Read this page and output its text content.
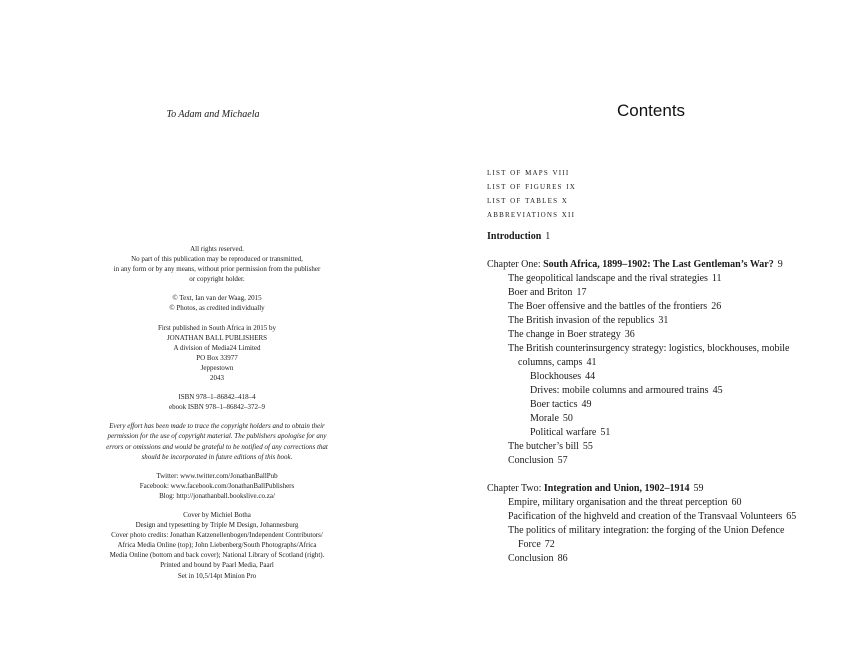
To Adam and Michaela

All rights reserved.
No part of this publication may be reproduced or transmitted,
in any form or by any means, without prior permission from the publisher
or copyright holder.

© Text, Ian van der Waag, 2015
© Photos, as credited individually

First published in South Africa in 2015 by
JONATHAN BALL PUBLISHERS
A division of Media24 Limited
PO Box 33977
Jeppestown
2043

ISBN 978–1–86842–418–4
ebook ISBN 978–1–86842–372–9

Every effort has been made to trace the copyright holders and to obtain their
permission for the use of copyright material. The publishers apologise for any
errors or omissions and would be grateful to be notified of any corrections that
should be incorporated in future editions of this book.

Twitter: www.twitter.com/JonathanBallPub
Facebook: www.facebook.com/JonathanBallPublishers
Blog: http://jonathanball.bookslive.co.za/

Cover by Michiel Botha
Design and typesetting by Triple M Design, Johannesburg
Cover photo credits: Jonathan Katzenellenbogen/Independent Contributors/
Africa Media Online (top); John Liebenberg/South Photographs/Africa
Media Online (bottom and back cover); National Library of Scotland (right).
Printed and bound by Paarl Media, Paarl
Set in 10,5/14pt Minion Pro

Contents
list of maps viii
list of figures ix
list of tables x
abbreviations xii
Introduction 1
Chapter One: South Africa, 1899–1902: The Last Gentleman’s War? 9
The geopolitical landscape and the rival strategies 11
Boer and Briton 17
The Boer offensive and the battles of the frontiers 26
The British invasion of the republics 31
The change in Boer strategy 36
The British counterinsurgency strategy: logistics, blockhouses, mobile
columns, camps 41
Blockhouses 44
Drives: mobile columns and armoured trains 45
Boer tactics 49
Morale 50
Political warfare 51
The butcher’s bill 55
Conclusion 57
Chapter Two: Integration and Union, 1902–1914 59
Empire, military organisation and the threat perception 60
Pacification of the highveld and creation of the Transvaal Volunteers 65
The politics of military integration: the forging of the Union Defence
Force 72
Conclusion 86
